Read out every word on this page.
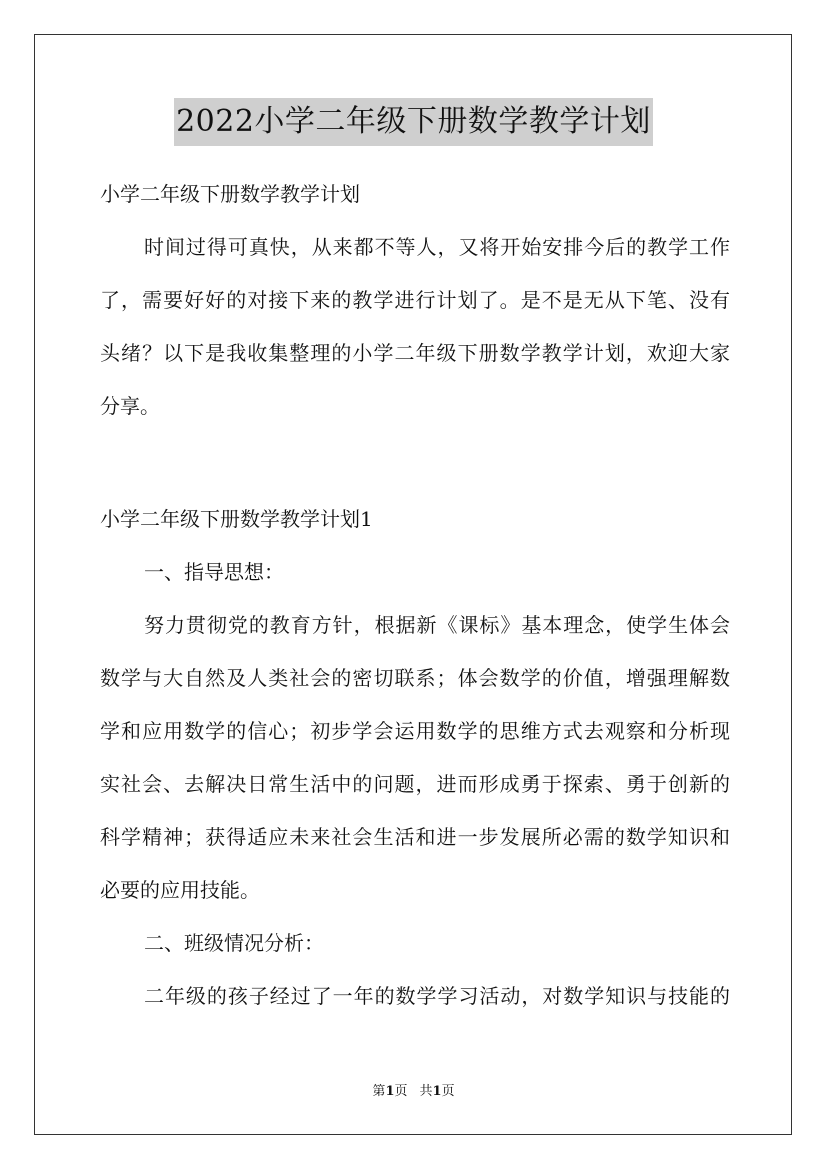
2022小学二年级下册数学教学计划
小学二年级下册数学教学计划
时间过得可真快，从来都不等人，又将开始安排今后的教学工作
了，需要好好的对接下来的教学进行计划了。是不是无从下笔、没有
头绪？以下是我收集整理的小学二年级下册数学教学计划，欢迎大家
分享。
小学二年级下册数学教学计划1
一、指导思想：
努力贯彻党的教育方针，根据新《课标》基本理念，使学生体会
数学与大自然及人类社会的密切联系；体会数学的价值，增强理解数
学和应用数学的信心；初步学会运用数学的思维方式去观察和分析现
实社会、去解决日常生活中的问题，进而形成勇于探索、勇于创新的
科学精神；获得适应未来社会生活和进一步发展所必需的数学知识和
必要的应用技能。
二、班级情况分析：
二年级的孩子经过了一年的数学学习活动，对数学知识与技能的
第1页 共1页
